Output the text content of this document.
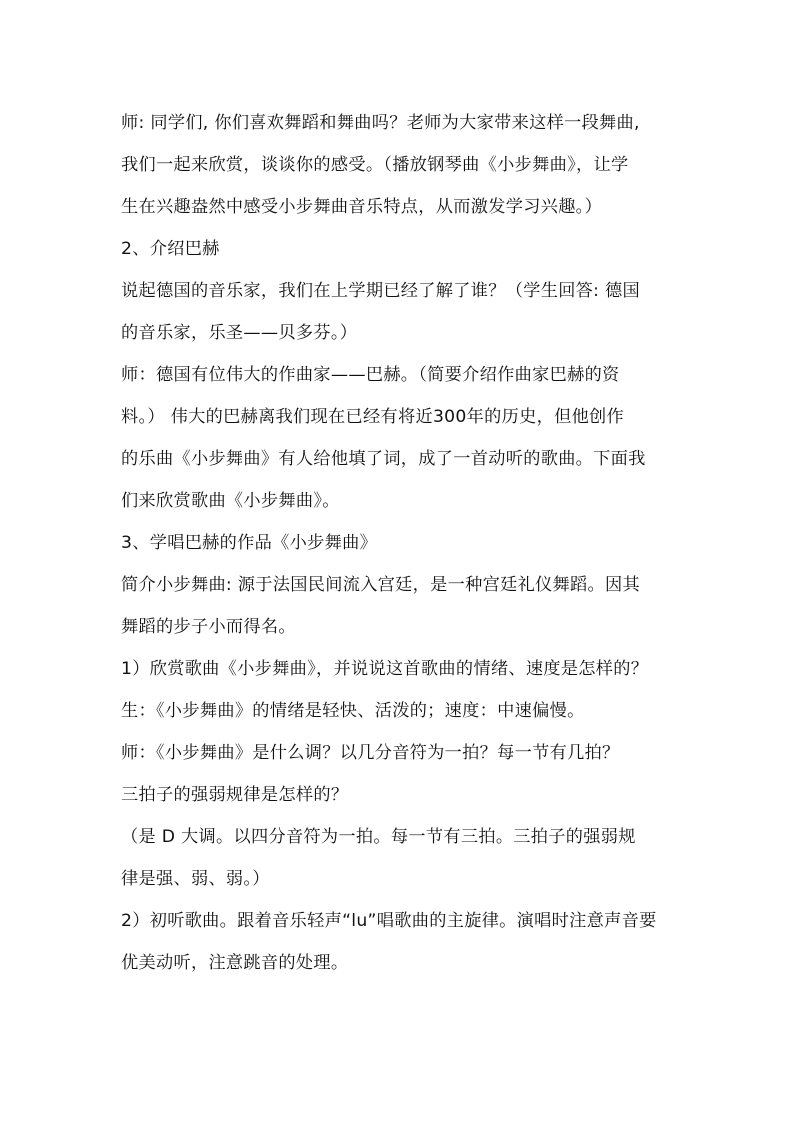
师: 同学们, 你们喜欢舞蹈和舞曲吗？老师为大家带来这样一段舞曲,

我们一起来欣赏，谈谈你的感受。（播放钢琴曲《小步舞曲》，让学

生在兴趣盎然中感受小步舞曲音乐特点，从而激发学习兴趣。）

2、介绍巴赫

说起德国的音乐家，我们在上学期已经了解了谁？（学生回答: 德国

的音乐家，乐圣——贝多芬。）

师：德国有位伟大的作曲家——巴赫。（简要介绍作曲家巴赫的资

料。） 伟大的巴赫离我们现在已经有将近300年的历史，但他创作

的乐曲《小步舞曲》有人给他填了词，成了一首动听的歌曲。下面我

们来欣赏歌曲《小步舞曲》。

3、学唱巴赫的作品《小步舞曲》

简介小步舞曲: 源于法国民间流入宫廷，是一种宫廷礼仪舞蹈。因其

舞蹈的步子小而得名。

1）欣赏歌曲《小步舞曲》，并说说这首歌曲的情绪、速度是怎样的？

生：《小步舞曲》的情绪是轻快、活泼的；速度：中速偏慢。

师：《小步舞曲》是什么调？以几分音符为一拍？每一节有几拍？

三拍子的强弱规律是怎样的？

（是 D 大调。以四分音符为一拍。每一节有三拍。三拍子的强弱规

律是强、弱、弱。）

2）初听歌曲。跟着音乐轻声“lu”唱歌曲的主旋律。演唱时注意声音要

优美动听，注意跳音的处理。
